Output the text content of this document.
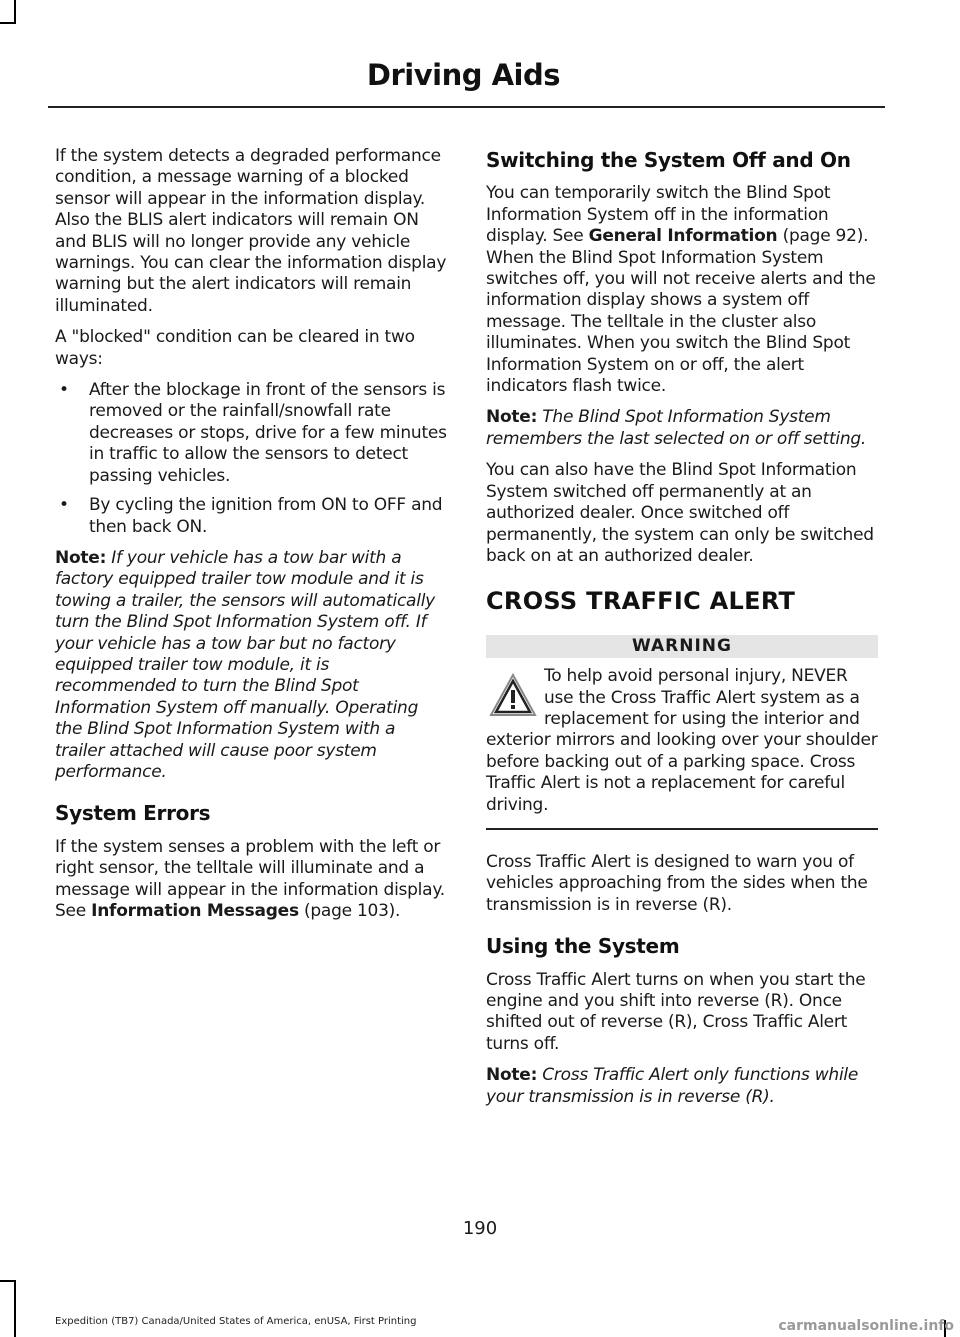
Driving Aids

If the system detects a degraded performance condition, a message warning of a blocked sensor will appear in the information display. Also the BLIS alert indicators will remain ON and BLIS will no longer provide any vehicle warnings. You can clear the information display warning but the alert indicators will remain illuminated.

A "blocked" condition can be cleared in two ways:

• After the blockage in front of the sensors is removed or the rainfall/snowfall rate decreases or stops, drive for a few minutes in traffic to allow the sensors to detect passing vehicles.
• By cycling the ignition from ON to OFF and then back ON.

Note: If your vehicle has a tow bar with a factory equipped trailer tow module and it is towing a trailer, the sensors will automatically turn the Blind Spot Information System off. If your vehicle has a tow bar but no factory equipped trailer tow module, it is recommended to turn the Blind Spot Information System off manually. Operating the Blind Spot Information System with a trailer attached will cause poor system performance.

System Errors

If the system senses a problem with the left or right sensor, the telltale will illuminate and a message will appear in the information display. See Information Messages (page 103).

Switching the System Off and On

You can temporarily switch the Blind Spot Information System off in the information display. See General Information (page 92). When the Blind Spot Information System switches off, you will not receive alerts and the information display shows a system off message. The telltale in the cluster also illuminates. When you switch the Blind Spot Information System on or off, the alert indicators flash twice.

Note: The Blind Spot Information System remembers the last selected on or off setting.

You can also have the Blind Spot Information System switched off permanently at an authorized dealer. Once switched off permanently, the system can only be switched back on at an authorized dealer.

CROSS TRAFFIC ALERT
WARNING

To help avoid personal injury, NEVER use the Cross Traffic Alert system as a replacement for using the interior and exterior mirrors and looking over your shoulder before backing out of a parking space. Cross Traffic Alert is not a replacement for careful driving.

Cross Traffic Alert is designed to warn you of vehicles approaching from the sides when the transmission is in reverse (R).

Using the System

Cross Traffic Alert turns on when you start the engine and you shift into reverse (R). Once shifted out of reverse (R), Cross Traffic Alert turns off.

Note: Cross Traffic Alert only functions while your transmission is in reverse (R).

190
Expedition (TB7) Canada/United States of America, enUSA, First Printing	carmanualsonline.info
